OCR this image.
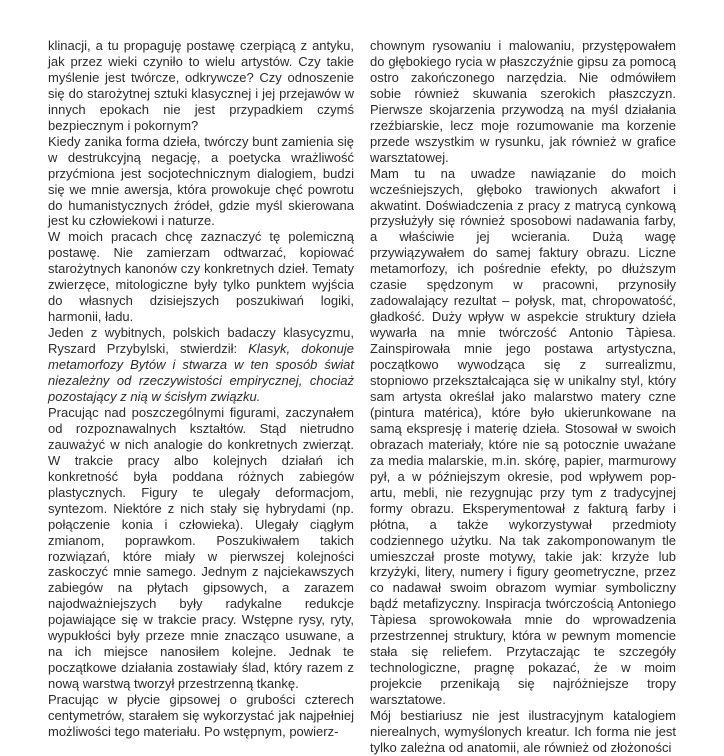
klinacji, a tu propaguję postawę czerpiącą z antyku, jak przez wieki czyniło to wielu artystów. Czy takie myślenie jest twórcze, odkrywcze? Czy odnoszenie się do starożytnej sztuki klasycznej i jej przejawów w innych epokach nie jest przypadkiem czymś bezpiecznym i pokornym?

Kiedy zanika forma dzieła, twórczy bunt zamienia się w destrukcyjną negację, a poetycka wrażliwość przyćmiona jest socjotechnicznym dialogiem, budzi się we mnie awersja, która prowokuje chęć powrotu do humanistycznych źródeł, gdzie myśl skierowana jest ku człowiekowi i naturze.

W moich pracach chcę zaznaczyć tę polemiczną postawę. Nie zamierzam odtwarzać, kopiować starożytnych kanonów czy konkretnych dzieł. Tematy zwierzęce, mitologiczne były tylko punktem wyjścia do własnych dzisiejszych poszukiwań logiki, harmonii, ładu.

Jeden z wybitnych, polskich badaczy klasycyzmu, Ryszard Przybylski, stwierdził: Klasyk, dokonuje metamorfozy Bytów i stwarza w ten sposób świat niezależny od rzeczywistości empirycznej, chociaż pozostający z nią w ścisłym związku.

Pracując nad poszczególnymi figurami, zaczynałem od rozpoznawalnych kształtów. Stąd nietrudno zauważyć w nich analogie do konkretnych zwierząt. W trakcie pracy albo kolejnych działań ich konkretność była poddana różnych zabiegów plastycznych. Figury te ulegały deformacjom, syntezom. Niektóre z nich stały się hybrydami (np. połączenie konia i człowieka). Ulegały ciągłym zmianom, poprawkom. Poszukiwałem takich rozwiązań, które miały w pierwszej kolejności zaskoczyć mnie samego. Jednym z najciekawszych zabiegów na płytach gipsowych, a zarazem najodważniejszych były radykalne redukcje pojawiające się w trakcie pracy. Wstępne rysy, ryty, wypukłości były przeze mnie znacząco usuwane, a na ich miejsce nanosiłem kolejne. Jednak te początkowe działania zostawiały ślad, który razem z nową warstwą tworzył przestrzenną tkankę.

Pracując w płycie gipsowej o grubości czterech centymetrów, starałem się wykorzystać jak najpełniej możliwości tego materiału. Po wstępnym, powierz-

chownym rysowaniu i malowaniu, przystępowałem do głębokiego rycia w płaszczyźnie gipsu za pomocą ostro zakończonego narzędzia. Nie odmówiłem sobie również skuwania szerokich płaszczyzn. Pierwsze skojarzenia przywodzą na myśl działania rzeźbiarskie, lecz moje rozumowanie ma korzenie przede wszystkim w rysunku, jak również w grafice warsztatowej.

Mam tu na uwadze nawiązanie do moich wcześniejszych, głęboko trawionych akwafort i akwatint. Doświadczenia z pracy z matrycą cynkową przysłużyły się również sposobowi nadawania farby, a właściwie jej wcierania. Dużą wagę przywiązywałem do samej faktury obrazu. Liczne metamorfozy, ich pośrednie efekty, po dłuższym czasie spędzonym w pracowni, przynosiły zadowalający rezultat – połysk, mat, chropowatość, gładkość. Duży wpływ w aspekcie struktury dzieła wywarła na mnie twórczość Antonio Tàpiesa. Zainspirowała mnie jego postawa artystyczna, początkowo wywodząca się z surrealizmu, stopniowo przekształcająca się w unikalny styl, który sam artysta określał jako malarstwo matery czne (pintura matérica), które było ukierunkowane na samą ekspresję i materię dzieła. Stosował w swoich obrazach materiały, które nie są potocznie uważane za media malarskie, m.in. skórę, papier, marmurowy pył, a w późniejszym okresie, pod wpływem pop-artu, mebli, nie rezygnując przy tym z tradycyjnej formy obrazu. Eksperymentował z fakturą farby i płótna, a także wykorzystywał przedmioty codziennego użytku. Na tak zakomponowanym tle umieszczał proste motywy, takie jak: krzyże lub krzyżyki, litery, numery i figury geometryczne, przez co nadawał swoim obrazom wymiar symboliczny bądź metafizyczny. Inspiracja twórczością Antoniego Tàpiesa sprowokowała mnie do wprowadzenia przestrzennej struktury, która w pewnym momencie stała się reliefem. Przytaczając te szczegóły technologiczne, pragnę pokazać, że w moim projekcie przenikają się najróżniejsze tropy warsztatowe.

Mój bestiariusz nie jest ilustracyjnym katalogiem nierealnych, wymyślonych kreatur. Ich forma nie jest tylko zależna od anatomii, ale również od złożoności
